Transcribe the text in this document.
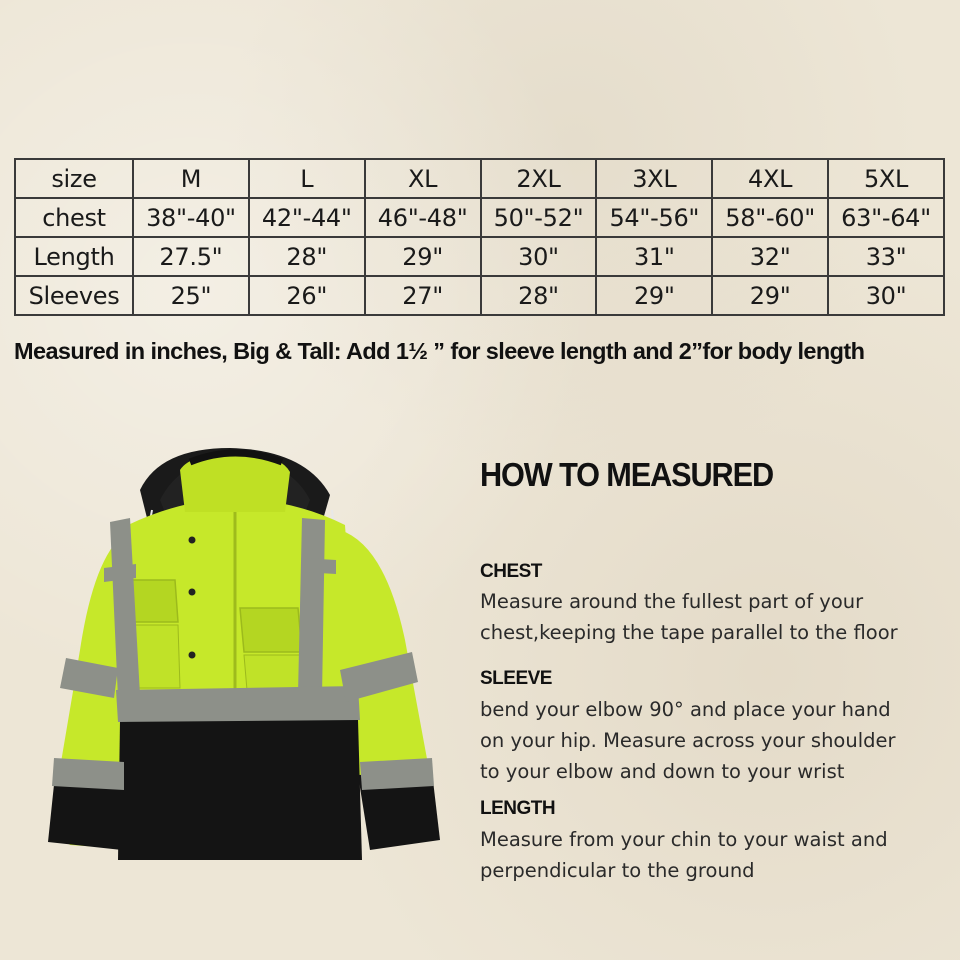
size	M	L	XL	2XL	3XL	4XL	5XL
chest	38"-40"	42"-44"	46"-48"	50"-52"	54"-56"	58"-60"	63"-64"
Length	27.5"	28"	29"	30"	31"	32"	33"
Sleeves	25"	26"	27"	28"	29"	29"	30"
Measured in inches, Big & Tall: Add 1½ ” for sleeve length and 2”for body length
HOW TO MEASURED
CHEST
Measure around the fullest part of your
chest,keeping the tape parallel to the floor
SLEEVE
bend your elbow 90° and place your hand
on your hip. Measure across your shoulder
to your elbow and down to your wrist
LENGTH
Measure from your chin to your waist and
perpendicular to the ground
